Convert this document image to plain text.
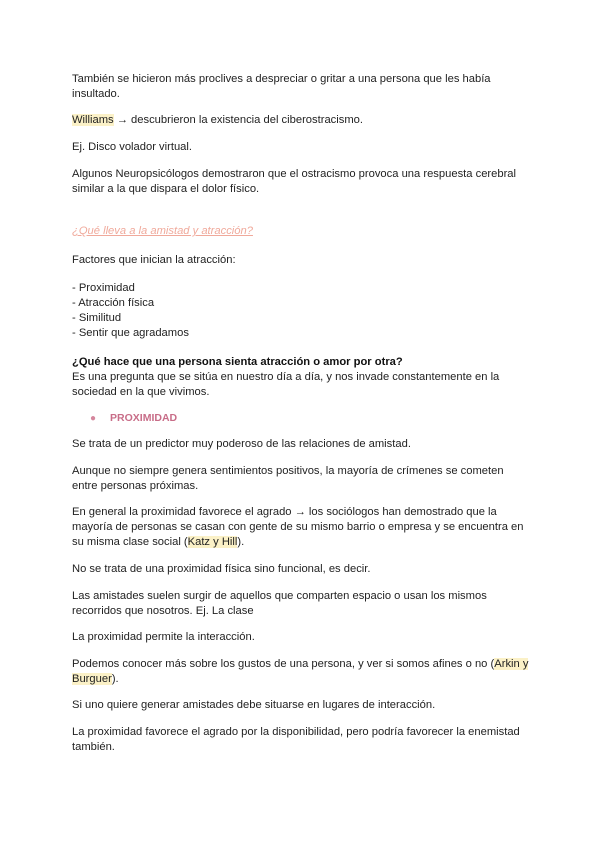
También se hicieron más proclives a despreciar o gritar a una persona que les había insultado.

Williams → descubrieron la existencia del ciberostracismo.

Ej. Disco volador virtual.

Algunos Neuropsicólogos demostraron que el ostracismo provoca una respuesta cerebral similar a la que dispara el dolor físico.

¿Qué lleva a la amistad y atracción?

Factores que inician la atracción:

- Proximidad
- Atracción física
- Similitud
- Sentir que agradamos

¿Qué hace que una persona sienta atracción o amor por otra?

Es una pregunta que se sitúa en nuestro día a día, y nos invade constantemente en la sociedad en la que vivimos.

● PROXIMIDAD

Se trata de un predictor muy poderoso de las relaciones de amistad.

Aunque no siempre genera sentimientos positivos, la mayoría de crímenes se cometen entre personas próximas.

En general la proximidad favorece el agrado → los sociólogos han demostrado que la mayoría de personas se casan con gente de su mismo barrio o empresa y se encuentra en su misma clase social (Katz y Hill).

No se trata de una proximidad física sino funcional, es decir.

Las amistades suelen surgir de aquellos que comparten espacio o usan los mismos recorridos que nosotros. Ej. La clase

La proximidad permite la interacción.

Podemos conocer más sobre los gustos de una persona, y ver si somos afines o no (Arkin y Burguer).

Si uno quiere generar amistades debe situarse en lugares de interacción.

La proximidad favorece el agrado por la disponibilidad, pero podría favorecer la enemistad también.
